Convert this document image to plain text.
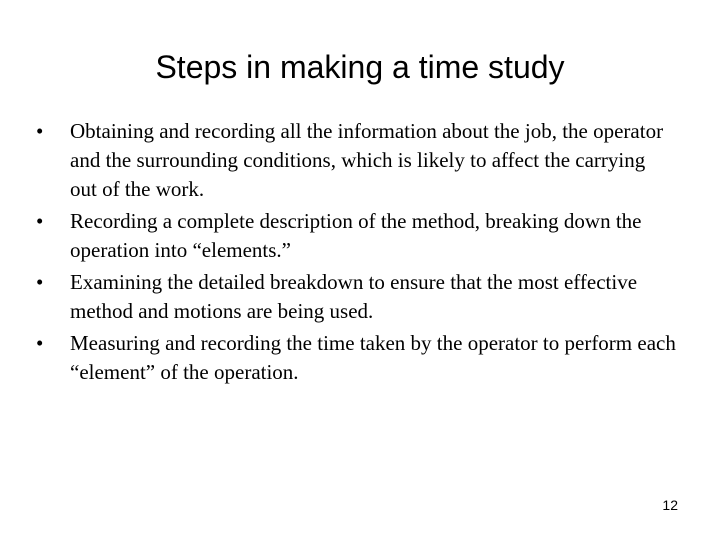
Steps in making a time study
•	Obtaining and recording all the information about the job, the operator and the surrounding conditions, which is likely to affect the carrying out of the work.
•	Recording a complete description of the method, breaking down the operation into “elements.”
•	Examining the detailed breakdown to ensure that the most effective method and motions are being used.
•	Measuring and recording the time taken by the operator to perform each “element” of the operation.
12
